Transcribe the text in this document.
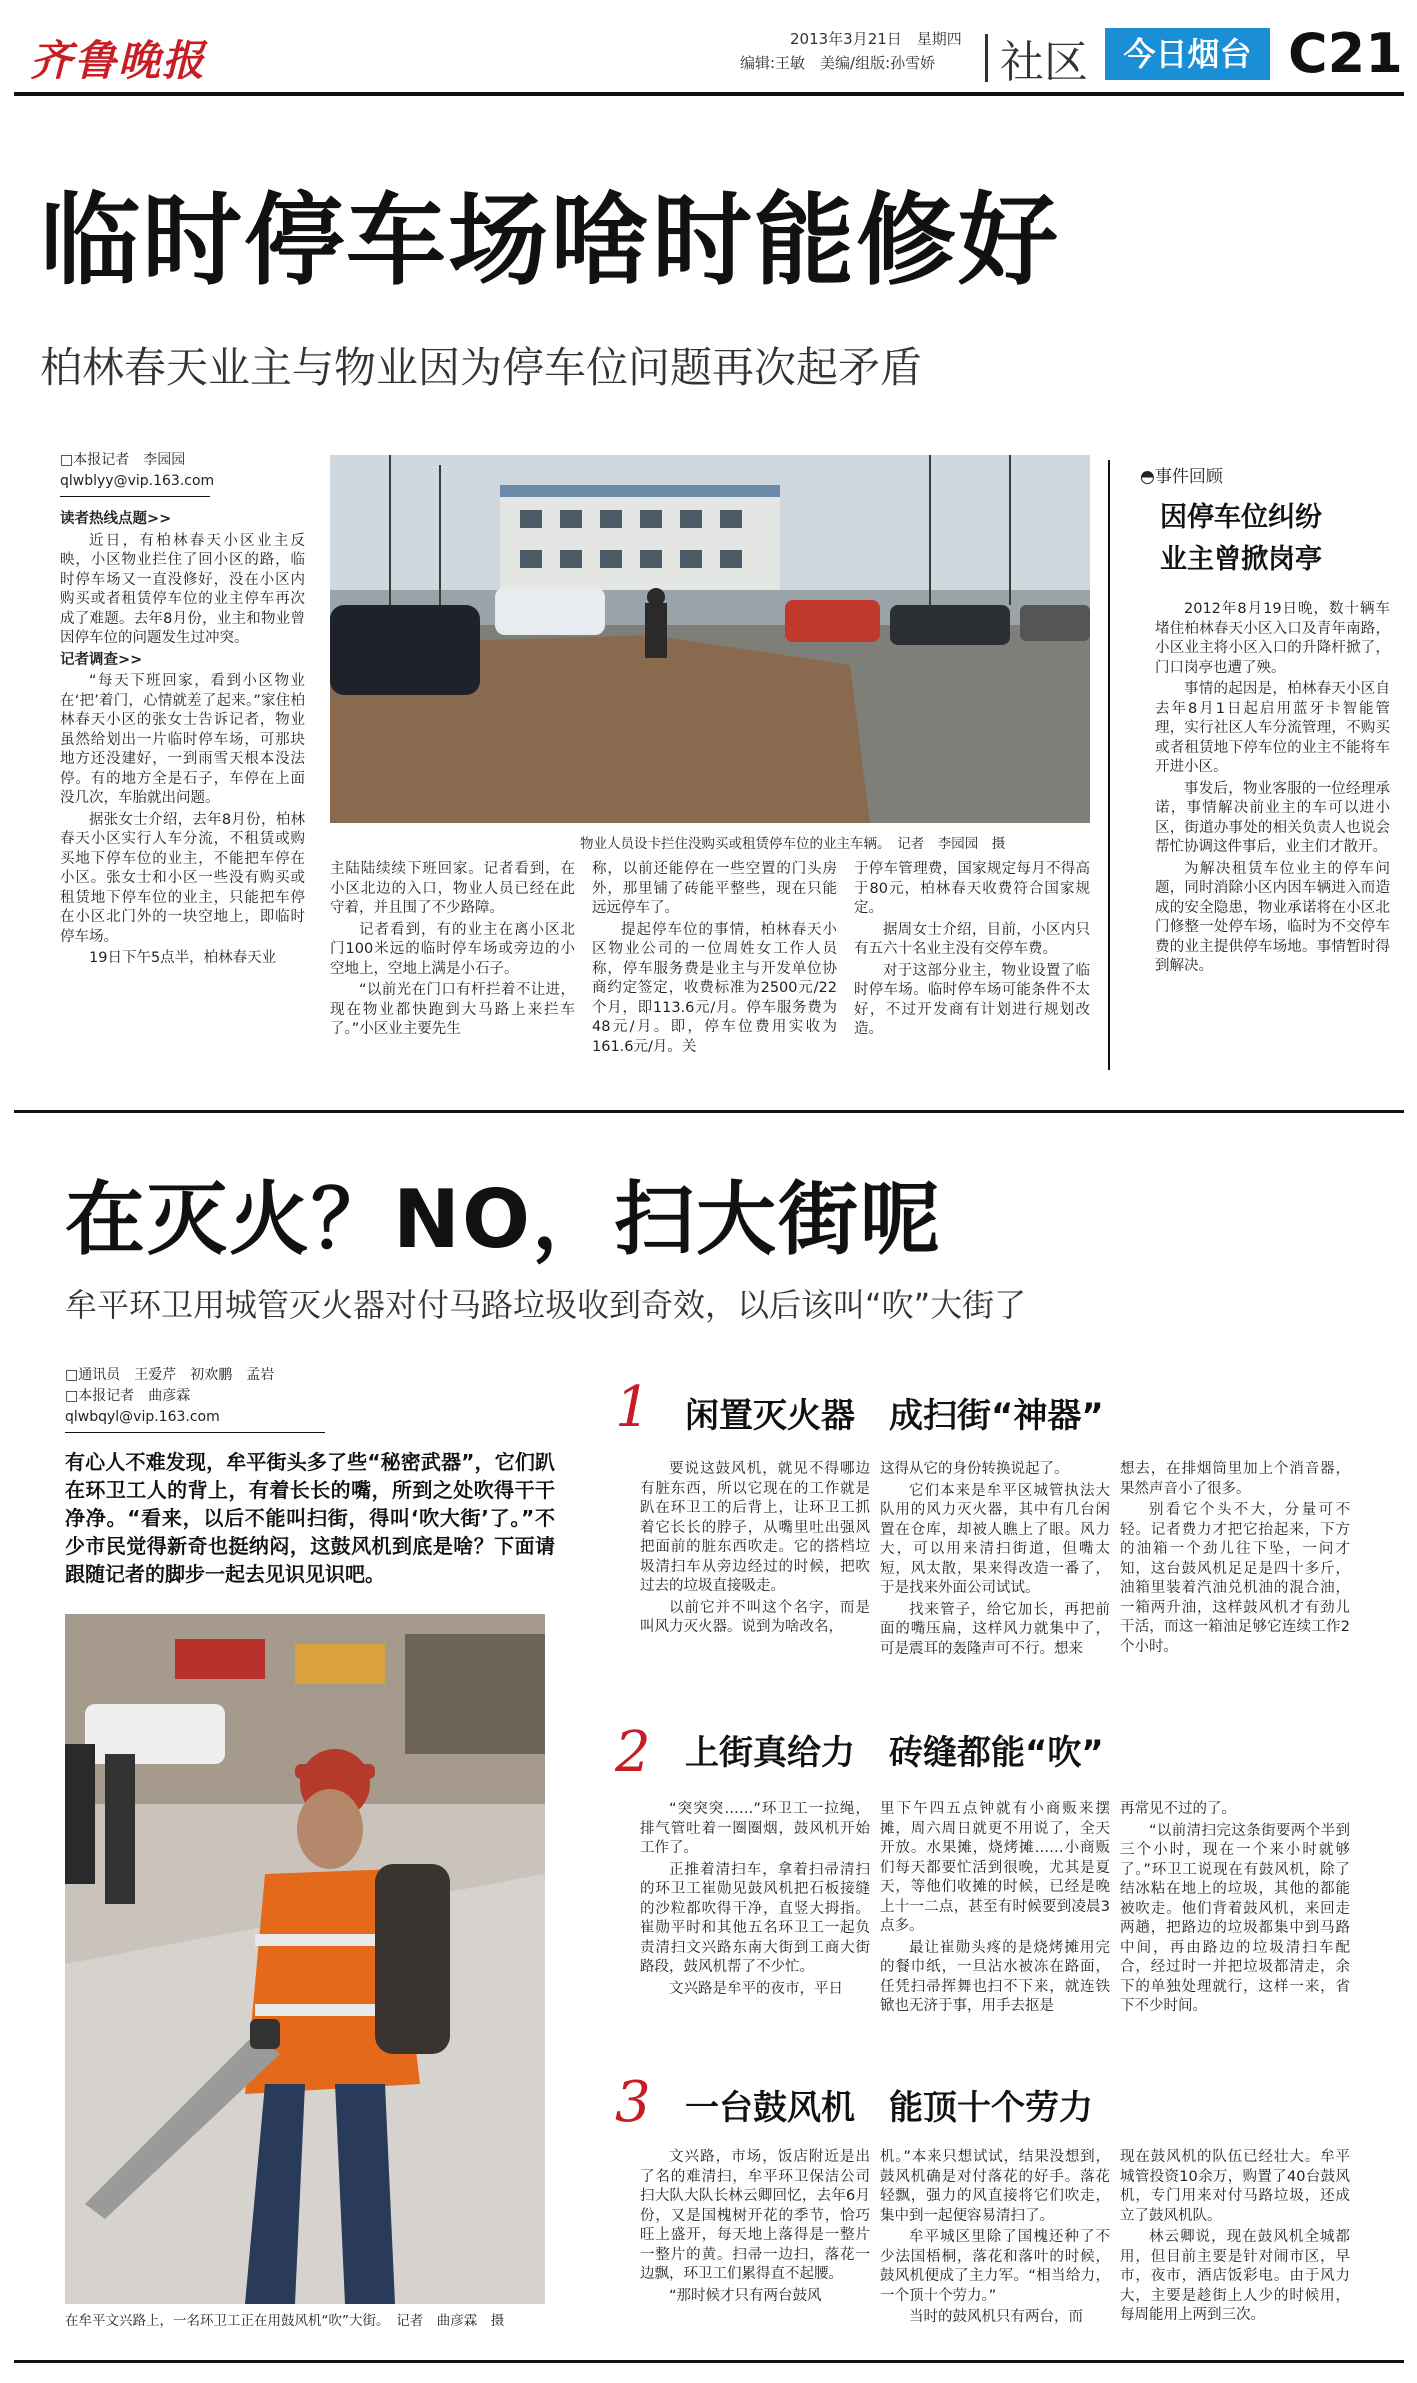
齐鲁晚报	2013年3月21日　星期四
编辑:王敏　美编/组版:孙雪娇 社区	今日烟台 C21
临时停车场啥时能修好
柏林春天业主与物业因为停车位问题再次起矛盾
□本报记者　李园园
qlwblyy@vip.163.com

读者热线点题>>

近日，有柏林春天小区业主反映，小区物业拦住了回小区的路，临时停车场又一直没修好，没在小区内购买或者租赁停车位的业主停车再次成了难题。去年8月份，业主和物业曾因停车位的问题发生过冲突。

记者调查>>

“每天下班回家，看到小区物业在‘把’着门，心情就差了起来。”家住柏林春天小区的张女士告诉记者，物业虽然给划出一片临时停车场，可那块地方还没建好，一到雨雪天根本没法停。有的地方全是石子，车停在上面没几次，车胎就出问题。

据张女士介绍，去年8月份，柏林春天小区实行人车分流，不租赁或购买地下停车位的业主，不能把车停在小区。张女士和小区一些没有购买或租赁地下停车位的业主，只能把车停在小区北门外的一块空地上，即临时停车场。

19日下午5点半，柏林春天业

物业人员设卡拦住没购买或租赁停车位的业主车辆。　记者　李园园　摄

主陆陆续续下班回家。记者看到，在小区北边的入口，物业人员已经在此守着，并且围了不少路障。

记者看到，有的业主在离小区北门100米远的临时停车场或旁边的小空地上，空地上满是小石子。

“以前光在门口有杆拦着不让进，现在物业都快跑到大马路上来拦车了。”小区业主要先生

称，以前还能停在一些空置的门头房外，那里铺了砖能平整些，现在只能远远停车了。

提起停车位的事情，柏林春天小区物业公司的一位周姓女工作人员称，停车服务费是业主与开发单位协商约定签定，收费标准为2500元/22个月，即113.6元/月。停车服务费为48元/月。即，停车位费用实收为161.6元/月。关

于停车管理费，国家规定每月不得高于80元，柏林春天收费符合国家规定。

据周女士介绍，目前，小区内只有五六十名业主没有交停车费。

对于这部分业主，物业设置了临时停车场。临时停车场可能条件不太好，不过开发商有计划进行规划改造。

◓事件回顾
因停车位纠纷
业主曾掀岗亭

2012年8月19日晚，数十辆车堵住柏林春天小区入口及青年南路，小区业主将小区入口的升降杆掀了，门口岗亭也遭了殃。

事情的起因是，柏林春天小区自去年8月1日起启用蓝牙卡智能管理，实行社区人车分流管理，不购买或者租赁地下停车位的业主不能将车开进小区。

事发后，物业客服的一位经理承诺，事情解决前业主的车可以进小区，街道办事处的相关负责人也说会帮忙协调这件事后，业主们才散开。

为解决租赁车位业主的停车问题，同时消除小区内因车辆进入而造成的安全隐患，物业承诺将在小区北门修整一处停车场，临时为不交停车费的业主提供停车场地。事情暂时得到解决。

在灭火？NO，扫大街呢
牟平环卫用城管灭火器对付马路垃圾收到奇效，以后该叫“吹”大街了
□通讯员　王爱芹　初欢鹏　孟岩
□本报记者　曲彦霖
qlwbqyl@vip.163.com
有心人不难发现，牟平街头多了些“秘密武器”，它们趴在环卫工人的背上，有着长长的嘴，所到之处吹得干干净净。“看来，以后不能叫扫街，得叫‘吹大街’了。”不少市民觉得新奇也挺纳闷，这鼓风机到底是啥？下面请跟随记者的脚步一起去见识见识吧。
在牟平文兴路上，一名环卫工正在用鼓风机“吹”大街。　记者　曲彦霖　摄
1 闲置灭火器　成扫街“神器”

要说这鼓风机，就见不得哪边有脏东西，所以它现在的工作就是趴在环卫工的后背上，让环卫工抓着它长长的脖子，从嘴里吐出强风把面前的脏东西吹走。它的搭档垃圾清扫车从旁边经过的时候，把吹过去的垃圾直接吸走。

以前它并不叫这个名字，而是叫风力灭火器。说到为啥改名，

这得从它的身份转换说起了。

它们本来是牟平区城管执法大队用的风力灭火器，其中有几台闲置在仓库，却被人瞧上了眼。风力大，可以用来清扫街道，但嘴太短，风太散，果来得改造一番了，于是找来外面公司试试。

找来管子，给它加长，再把前面的嘴压扁，这样风力就集中了，可是震耳的轰隆声可不行。想来

想去，在排烟筒里加上个消音器，果然声音小了很多。

别看它个头不大，分量可不轻。记者费力才把它抬起来，下方的油箱一个劲儿往下坠，一问才知，这台鼓风机足足是四十多斤，油箱里装着汽油兑机油的混合油，一箱两升油，这样鼓风机才有劲儿干活，而这一箱油足够它连续工作2个小时。

2 上街真给力　砖缝都能“吹”

“突突突……”环卫工一拉绳，排气管吐着一圈圈烟，鼓风机开始工作了。

正推着清扫车，拿着扫帚清扫的环卫工崔勋见鼓风机把石板接缝的沙粒都吹得干净，直竖大拇指。崔勋平时和其他五名环卫工一起负责清扫文兴路东南大街到工商大街路段，鼓风机帮了不少忙。

文兴路是牟平的夜市，平日

里下午四五点钟就有小商贩来摆摊，周六周日就更不用说了，全天开放。水果摊，烧烤摊……小商贩们每天都要忙活到很晚，尤其是夏天，等他们收摊的时候，已经是晚上十一二点，甚至有时候要到凌晨3点多。

最让崔勋头疼的是烧烤摊用完的餐巾纸，一旦沾水被冻在路面，任凭扫帚挥舞也扫不下来，就连铁锨也无济于事，用手去抠是

再常见不过的了。

“以前清扫完这条街要两个半到三个小时，现在一个来小时就够了。”环卫工说现在有鼓风机，除了结冰粘在地上的垃圾，其他的都能被吹走。他们背着鼓风机，来回走两趟，把路边的垃圾都集中到马路中间，再由路边的垃圾清扫车配合，经过时一并把垃圾都清走，余下的单独处理就行，这样一来，省下不少时间。

3 一台鼓风机　能顶十个劳力

文兴路，市场，饭店附近是出了名的难清扫，牟平环卫保洁公司扫大队大队长林云卿回忆，去年6月份，又是国槐树开花的季节，恰巧旺上盛开，每天地上落得是一整片一整片的黄。扫帚一边扫，落花一边飘，环卫工们累得直不起腰。

“那时候才只有两台鼓风

机。”本来只想试试，结果没想到，鼓风机确是对付落花的好手。落花轻飘，强力的风直接将它们吹走，集中到一起便容易清扫了。

牟平城区里除了国槐还种了不少法国梧桐，落花和落叶的时候，鼓风机便成了主力军。“相当给力，一个顶十个劳力。”

当时的鼓风机只有两台，而

现在鼓风机的队伍已经壮大。牟平城管投资10余万，购置了40台鼓风机，专门用来对付马路垃圾，还成立了鼓风机队。

林云卿说，现在鼓风机全城都用，但目前主要是针对闹市区，早市，夜市，酒店饭彩电。由于风力大，主要是趁街上人少的时候用，每周能用上两到三次。
